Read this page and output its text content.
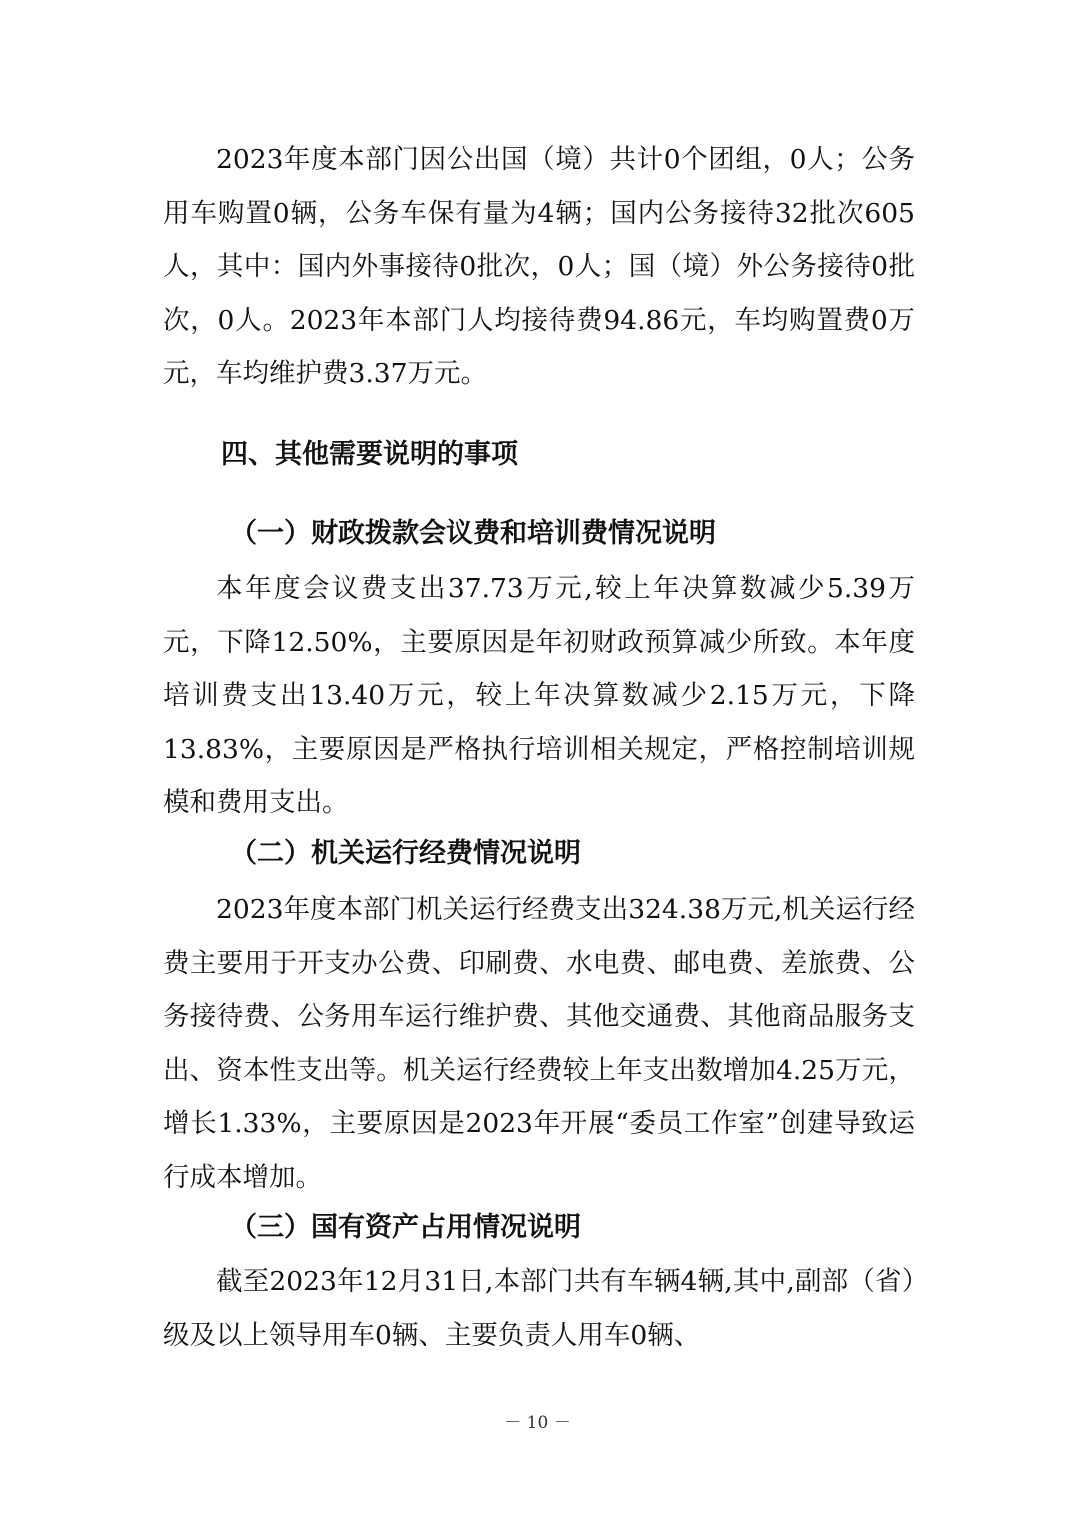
2023年度本部门因公出国（境）共计0个团组，0人；公务用车购置0辆，公务车保有量为4辆；国内公务接待32批次605人，其中：国内外事接待0批次，0人；国（境）外公务接待0批次，0人。2023年本部门人均接待费94.86元，车均购置费0万元，车均维护费3.37万元。

四、其他需要说明的事项
（一）财政拨款会议费和培训费情况说明

本年度会议费支出37.73万元,较上年决算数减少5.39万元，下降12.50%，主要原因是年初财政预算减少所致。本年度培训费支出13.40万元，较上年决算数减少2.15万元，下降13.83%，主要原因是严格执行培训相关规定，严格控制培训规模和费用支出。

（二）机关运行经费情况说明

2023年度本部门机关运行经费支出324.38万元,机关运行经费主要用于开支办公费、印刷费、水电费、邮电费、差旅费、公务接待费、公务用车运行维护费、其他交通费、其他商品服务支出、资本性支出等。机关运行经费较上年支出数增加4.25万元，增长1.33%，主要原因是2023年开展“委员工作室”创建导致运行成本增加。

（三）国有资产占用情况说明

截至2023年12月31日,本部门共有车辆4辆,其中,副部（省）级及以上领导用车0辆、主要负责人用车0辆、

－ 10 －
